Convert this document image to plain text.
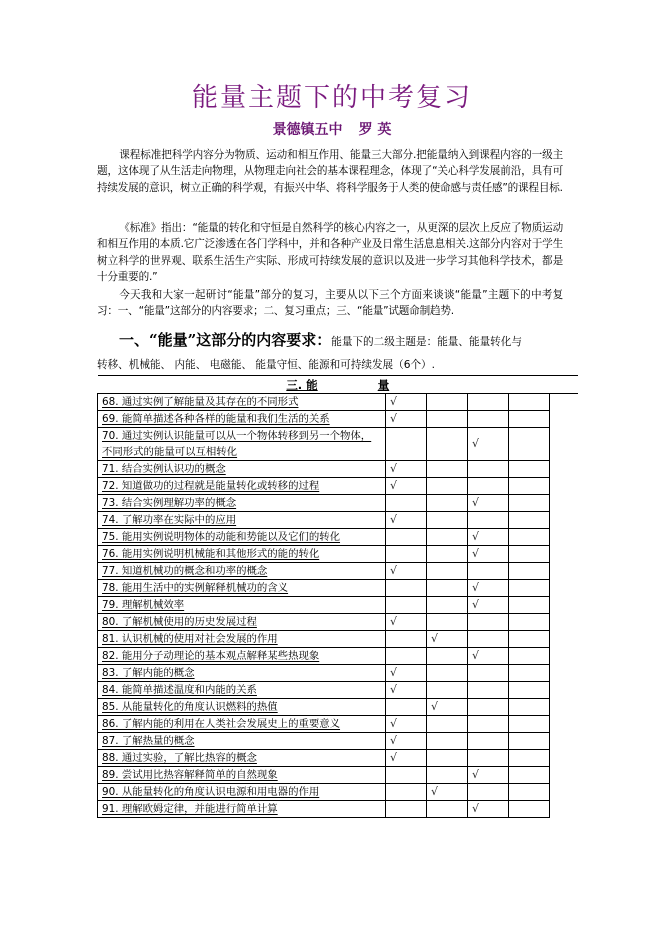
能量主题下的中考复习
景德镇五中 罗 英
课程标准把科学内容分为物质、运动和相互作用、能量三大部分.把能量纳入到课程内容的一级主题，这体现了从生活走向物理，从物理走向社会的基本课程理念，体现了“关心科学发展前沿，具有可持续发展的意识，树立正确的科学观，有振兴中华、将科学服务于人类的使命感与责任感”的课程目标.
《标准》指出：“能量的转化和守恒是自然科学的核心内容之一，从更深的层次上反应了物质运动和相互作用的本质.它广泛渗透在各门学科中，并和各种产业及日常生活息息相关.这部分内容对于学生树立科学的世界观、联系生活生产实际、形成可持续发展的意识以及进一步学习其他科学技术，都是十分重要的.”
今天我和大家一起研讨“能量”部分的复习，主要从以下三个方面来谈谈“能量”主题下的中考复习：一、“能量”这部分的内容要求；二、复习重点；三、“能量”试题命制趋势.
一、“能量”这部分的内容要求：能量下的二级主题是：能量、能量转化与
转移、机械能、 内能、 电磁能、 能量守恒、能源和可持续发展（6个）.
三. 能 量					
68. 通过实例了解能量及其存在的不同形式	√				
69. 能简单描述各种各样的能量和我们生活的关系	√				
70. 通过实例认识能量可以从一个物体转移到另一个物体，不同形式的能量可以互相转化			√		
71. 结合实例认识功的概念	√				
72. 知道做功的过程就是能量转化或转移的过程	√				
73. 结合实例理解功率的概念			√		
74. 了解功率在实际中的应用	√				
75. 能用实例说明物体的动能和势能以及它们的转化			√		
76. 能用实例说明机械能和其他形式的能的转化			√		
77. 知道机械功的概念和功率的概念	√				
78. 能用生活中的实例解释机械功的含义			√		
79. 理解机械效率			√		
80. 了解机械使用的历史发展过程	√				
81. 认识机械的使用对社会发展的作用		√			
82. 能用分子动理论的基本观点解释某些热现象			√		
83. 了解内能的概念	√				
84. 能简单描述温度和内能的关系	√				
85. 从能量转化的角度认识燃料的热值		√			
86. 了解内能的利用在人类社会发展史上的重要意义	√				
87. 了解热量的概念	√				
88. 通过实验，了解比热容的概念	√				
89. 尝试用比热容解释简单的自然现象			√		
90. 从能量转化的角度认识电源和用电器的作用		√			
91. 理解欧姆定律，并能进行简单计算			√		
